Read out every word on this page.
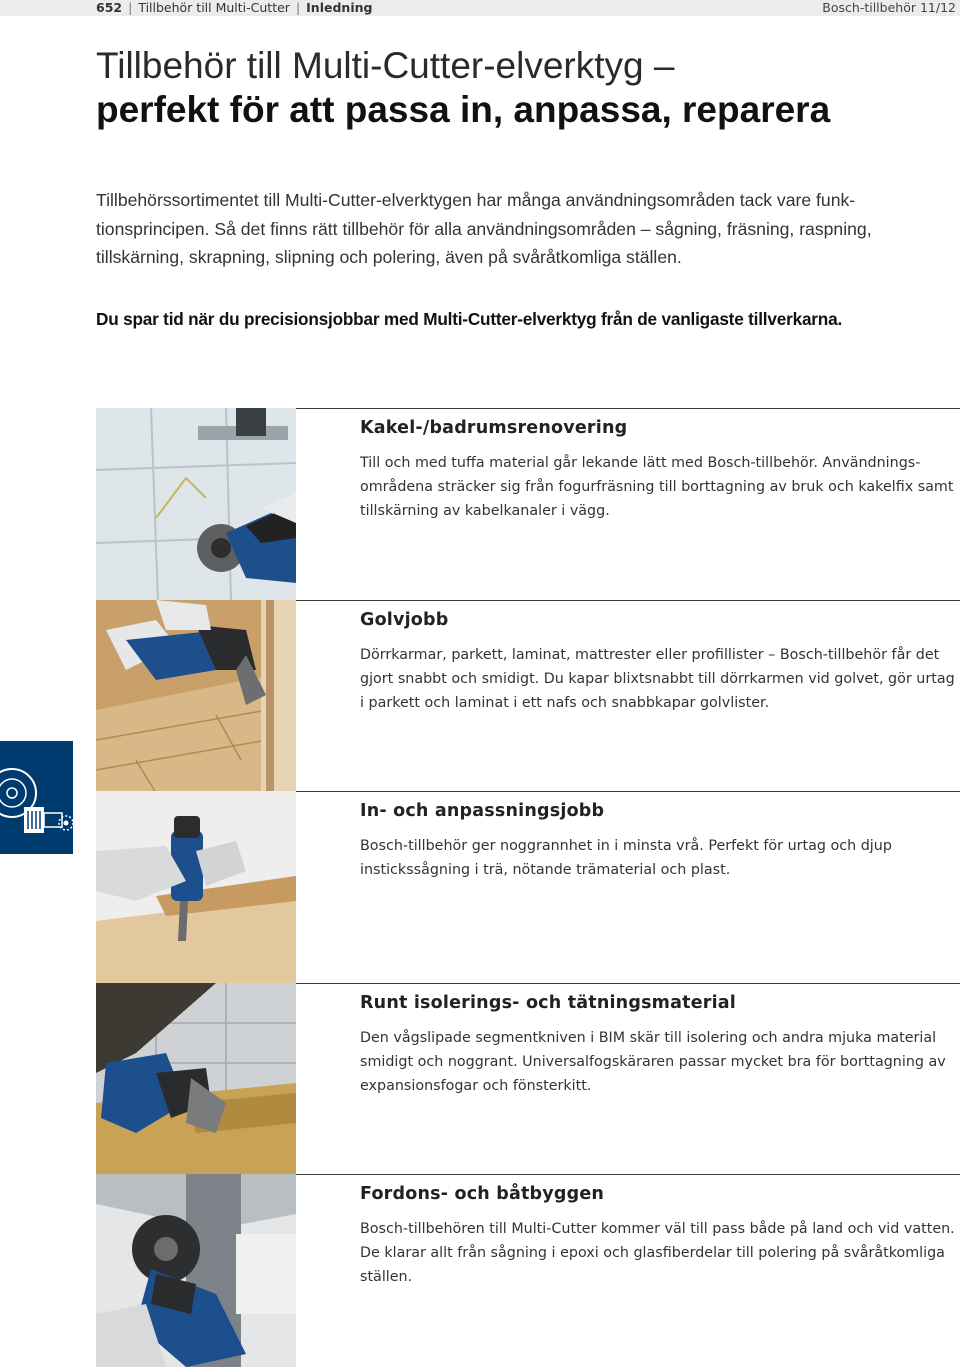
652 | Tillbehör till Multi-Cutter | Inledning	Bosch-tillbehör 11/12
Tillbehör till Multi-Cutter-elverktyg –
perfekt för att passa in, anpassa, reparera

Tillbehörssortimentet till Multi-Cutter-elverktygen har många användningsområden tack vare funktionsprincipen. Så det finns rätt tillbehör för alla användningsområden – sågning, fräsning, raspning, tillskärning, skrapning, slipning och polering, även på svåråtkomliga ställen.

Du spar tid när du precisionsjobbar med Multi-Cutter-elverktyg från de vanligaste tillverkarna.

Kakel-/badrumsrenovering

Till och med tuffa material går lekande lätt med Bosch-tillbehör. Användningsområdena sträcker sig från fogurfräsning till borttagning av bruk och kakelfix samt tillskärning av kabelkanaler i vägg.

Golvjobb

Dörrkarmar, parkett, laminat, mattrester eller profillister – Bosch-tillbehör får det gjort snabbt och smidigt. Du kapar blixtsnabbt till dörrkarmen vid golvet, gör urtag i parkett och laminat i ett nafs och snabbkapar golvlister.

In- och anpassningsjobb

Bosch-tillbehör ger noggrannhet in i minsta vrå. Perfekt för urtag och djup instickssågning i trä, nötande trämaterial och plast.

Runt isolerings- och tätningsmaterial

Den vågslipade segmentkniven i BIM skär till isolering och andra mjuka material smidigt och noggrant. Universalfogskäraren passar mycket bra för borttagning av expansionsfogar och fönsterkitt.

Fordons- och båtbyggen

Bosch-tillbehören till Multi-Cutter kommer väl till pass både på land och vid vatten. De klarar allt från sågning i epoxi och glasfiberdelar till polering på svåråtkomliga ställen.
